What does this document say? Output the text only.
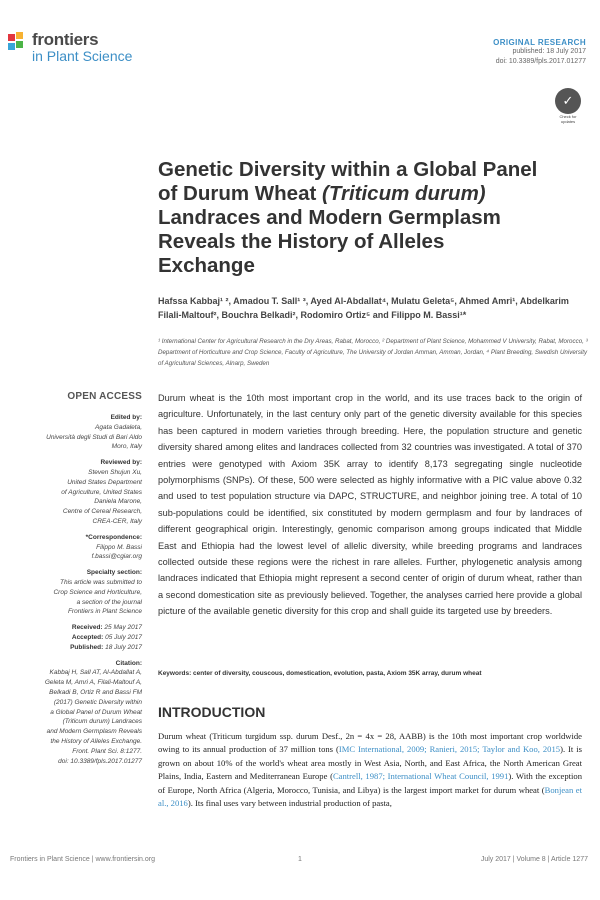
frontiers
in Plant Science
ORIGINAL RESEARCH
published: 18 July 2017
doi: 10.3389/fpls.2017.01277
✓
Check for updates
Genetic Diversity within a Global Panel of Durum Wheat (Triticum durum) Landraces and Modern Germplasm Reveals the History of Alleles Exchange
Hafssa Kabbaj¹ ², Amadou T. Sall¹ ³, Ayed Al-Abdallat⁴, Mulatu Geleta⁵, Ahmed Amri¹, Abdelkarim Filali-Maltouf², Bouchra Belkadi², Rodomiro Ortiz⁵ and Filippo M. Bassi¹*
¹ International Center for Agricultural Research in the Dry Areas, Rabat, Morocco, ² Department of Plant Science, Mohammed V University, Rabat, Morocco, ³ Department of Horticulture and Crop Science, Faculty of Agriculture, The University of Jordan Amman, Amman, Jordan, ⁴ Plant Breeding, Swedish University of Agricultural Sciences, Alnarp, Sweden
OPEN ACCESS
Edited by:
Agata Gadaleta,
Università degli Studi di Bari Aldo
Moro, Italy
Reviewed by:
Steven Shujun Xu,
United States Department
of Agriculture, United States
Daniela Marone,
Centre of Cereal Research,
CREA-CER, Italy
*Correspondence:
Filippo M. Bassi
f.bassi@cgiar.org
Specialty section:
This article was submitted to
Crop Science and Horticulture,
a section of the journal
Frontiers in Plant Science
Received: 25 May 2017
Accepted: 05 July 2017
Published: 18 July 2017
Citation:
Kabbaj H, Sall AT, Al-Abdallat A,
Geleta M, Amri A, Filali-Maltouf A,
Belkadi B, Ortiz R and Bassi FM
(2017) Genetic Diversity within
a Global Panel of Durum Wheat
(Triticum durum) Landraces
and Modern Germplasm Reveals
the History of Alleles Exchange.
Front. Plant Sci. 8:1277.
doi: 10.3389/fpls.2017.01277
Durum wheat is the 10th most important crop in the world, and its use traces back to the origin of agriculture. Unfortunately, in the last century only part of the genetic diversity available for this species has been captured in modern varieties through breeding. Here, the population structure and genetic diversity shared among elites and landraces collected from 32 countries was investigated. A total of 370 entries were genotyped with Axiom 35K array to identify 8,173 segregating single nucleotide polymorphisms (SNPs). Of these, 500 were selected as highly informative with a PIC value above 0.32 and used to test population structure via DAPC, STRUCTURE, and neighbor joining tree. A total of 10 sub-populations could be identified, six constituted by modern germplasm and four by landraces of different geographical origin. Interestingly, genomic comparison among groups indicated that Middle East and Ethiopia had the lowest level of allelic diversity, while breeding programs and landraces collected outside these regions were the richest in rare alleles. Further, phylogenetic analysis among landraces indicated that Ethiopia might represent a second center of origin of durum wheat, rather than a second domestication site as previously believed. Together, the analyses carried here provide a global picture of the available genetic diversity for this crop and shall guide its targeted use by breeders.
Keywords: center of diversity, couscous, domestication, evolution, pasta, Axiom 35K array, durum wheat
INTRODUCTION
Durum wheat (Triticum turgidum ssp. durum Desf., 2n = 4x = 28, AABB) is the 10th most important crop worldwide owing to its annual production of 37 million tons (IMC International, 2009; Ranieri, 2015; Taylor and Koo, 2015). It is grown on about 10% of the world's wheat area mostly in West Asia, North, and East Africa, the North American Great Plains, India, Eastern and Mediterranean Europe (Cantrell, 1987; International Wheat Council, 1991). With the exception of Europe, North Africa (Algeria, Morocco, Tunisia, and Libya) is the largest import market for durum wheat (Bonjean et al., 2016). Its final uses vary between industrial production of pasta,
Frontiers in Plant Science | www.frontiersin.org	1	July 2017 | Volume 8 | Article 1277
